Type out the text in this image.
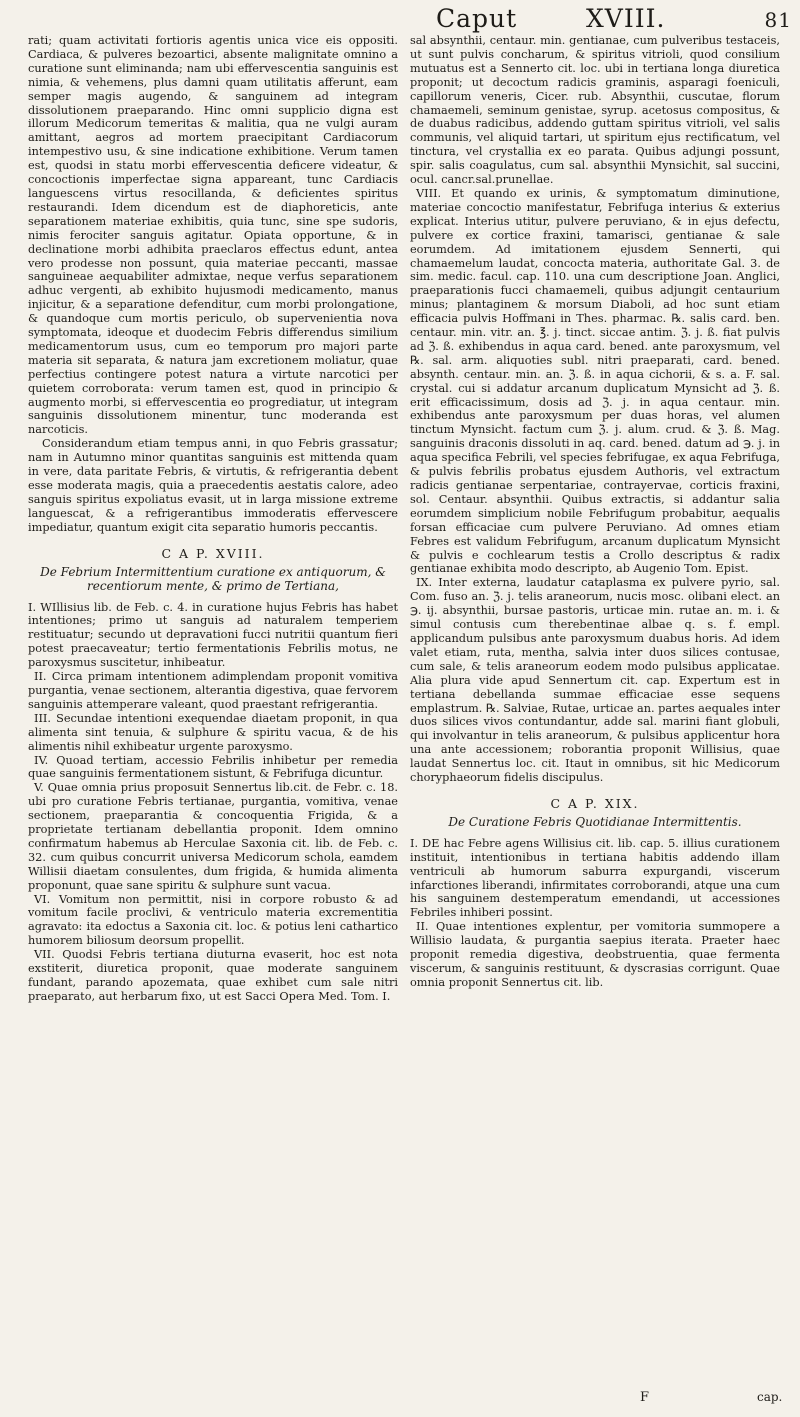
Caput	XVIII.	81

rati; quam activitati fortioris agentis unica vice eis oppositi. Cardiaca, & pulveres bezoartici, absente malignitate omnino a curatione sunt eliminanda; nam ubi effervescentia sanguinis est nimia, & vehemens, plus damni quam utilitatis afferunt, eam semper magis augendo, & sanguinem ad integram dissolutionem praeparando. Hinc omni supplicio digna est illorum Medicorum temeritas & malitia, qua ne vulgi auram amittant, aegros ad mortem praecipitant Cardiacorum intempestivo usu, & sine indicatione exhibitione. Verum tamen est, quodsi in statu morbi effervescentia deficere videatur, & concoctionis imperfectae signa appareant, tunc Cardiacis languescens virtus resocillanda, & deficientes spiritus restaurandi. Idem dicendum est de diaphoreticis, ante separationem materiae exhibitis, quia tunc, sine spe sudoris, nimis ferociter sanguis agitatur. Opiata opportune, & in declinatione morbi adhibita praeclaros effectus edunt, antea vero prodesse non possunt, quia materiae peccanti, massae sanguineae aequabiliter admixtae, neque verfus separationem adhuc vergenti, ab exhibito hujusmodi medicamento, manus injicitur, & a separatione defenditur, cum morbi prolongatione, & quandoque cum mortis periculo, ob supervenientia nova symptomata, ideoque et duodecim Febris differendus similium medicamentorum usus, cum eo temporum pro majori parte materia sit separata, & natura jam excretionem moliatur, quae perfectius contingere potest natura a virtute narcotici per quietem corroborata: verum tamen est, quod in principio & augmento morbi, si effervescentia eo progrediatur, ut integram sanguinis dissolutionem minentur, tunc moderanda est narcoticis.

Considerandum etiam tempus anni, in quo Febris grassatur; nam in Autumno minor quantitas sanguinis est mittenda quam in vere, data paritate Febris, & virtutis, & refrigerantia debent esse moderata magis, quia a praecedentis aestatis calore, adeo sanguis spiritus expoliatus evasit, ut in larga missione extreme languescat, & a refrigerantibus immoderatis effervescere impediatur, quantum exigit cita separatio humoris peccantis.

C A P. XVIII.
De Febrium Intermittentium curatione ex antiquorum, & recentiorum mente, & primo de Tertiana,

I. WIllisius lib. de Feb. c. 4. in curatione hujus Febris has habet intentiones; primo ut sanguis ad naturalem temperiem restituatur; secundo ut depravationi fucci nutritii quantum fieri potest praecaveatur; tertio fermentationis Febrilis motus, ne paroxysmus suscitetur, inhibeatur.

II. Circa primam intentionem adimplendam proponit vomitiva purgantia, venae sectionem, alterantia digestiva, quae fervorem sanguinis attemperare valeant, quod praestant refrigerantia.

III. Secundae intentioni exequendae diaetam proponit, in qua alimenta sint tenuia, & sulphure & spiritu vacua, & de his alimentis nihil exhibeatur urgente paroxysmo.

IV. Quoad tertiam, accessio Febrilis inhibetur per remedia quae sanguinis fermentationem sistunt, & Febrifuga dicuntur.

V. Quae omnia prius proposuit Sennertus lib.cit. de Febr. c. 18. ubi pro curatione Febris tertianae, purgantia, vomitiva, venae sectionem, praeparantia & concoquentia Frigida, & a proprietate tertianam debellantia proponit. Idem omnino confirmatum habemus ab Herculae Saxonia cit. lib. de Feb. c. 32. cum quibus concurrit universa Medicorum schola, eamdem Willisii diaetam consulentes, dum frigida, & humida alimenta proponunt, quae sane spiritu & sulphure sunt vacua.

VI. Vomitum non permittit, nisi in corpore robusto & ad vomitum facile proclivi, & ventriculo materia excrementitia agravato: ita edoctus a Saxonia cit. loc. & potius leni cathartico humorem biliosum deorsum propellit.

VII. Quodsi Febris tertiana diuturna evaserit, hoc est nota exstiterit, diuretica proponit, quae moderate sanguinem fundant, parando apozemata, quae exhibet cum sale nitri praeparato, aut herbarum fixo, ut est Sacci Opera Med. Tom. I.

sal absynthii, centaur. min. gentianae, cum pulveribus testaceis, ut sunt pulvis concharum, & spiritus vitrioli, quod consilium mutuatus est a Sennerto cit. loc. ubi in tertiana longa diuretica proponit; ut decoctum radicis graminis, asparagi foeniculi, capillorum veneris, Cicer. rub. Absynthii, cuscutae, florum chamaemeli, seminum genistae, syrup. acetosus compositus, & de duabus radicibus, addendo guttam spiritus vitrioli, vel salis communis, vel aliquid tartari, ut spiritum ejus rectificatum, vel tinctura, vel crystallia ex eo parata. Quibus adjungi possunt, spir. salis coagulatus, cum sal. absynthii Mynsichit, sal succini, ocul. cancr.sal.prunellae.

VIII. Et quando ex urinis, & symptomatum diminutione, materiae concoctio manifestatur, Febrifuga interius & exterius explicat. Interius utitur, pulvere peruviano, & in ejus defectu, pulvere ex cortice fraxini, tamarisci, gentianae & sale eorumdem. Ad imitationem ejusdem Sennerti, qui chamaemelum laudat, concocta materia, authoritate Gal. 3. de sim. medic. facul. cap. 110. una cum descriptione Joan. Anglici, praeparationis fucci chamaemeli, quibus adjungit centaurium minus; plantaginem & morsum Diaboli, ad hoc sunt etiam efficacia pulvis Hoffmani in Thes. pharmac. ℞. salis card. ben. centaur. min. vitr. an. ℥. j. tinct. siccae antim. ℨ. j. ß. fiat pulvis ad ℨ. ß. exhibendus in aqua card. bened. ante paroxysmum, vel ℞. sal. arm. aliquoties subl. nitri praeparati, card. bened. absynth. centaur. min. an. ℨ. ß. in aqua cichorii, & s. a. F. sal. crystal. cui si addatur arcanum duplicatum Mynsicht ad ℨ. ß. erit efficacissimum, dosis ad ℨ. j. in aqua centaur. min. exhibendus ante paroxysmum per duas horas, vel alumen tinctum Mynsicht. factum cum ℨ. j. alum. crud. & ℨ. ß. Mag. sanguinis draconis dissoluti in aq. card. bened. datum ad ℈. j. in aqua specifica Febrili, vel species febrifugae, ex aqua Febrifuga, & pulvis febrilis probatus ejusdem Authoris, vel extractum radicis gentianae serpentariae, contrayervae, corticis fraxini, sol. Centaur. absynthii. Quibus extractis, si addantur salia eorumdem simplicium nobile Febrifugum probabitur, aequalis forsan efficaciae cum pulvere Peruviano. Ad omnes etiam Febres est validum Febrifugum, arcanum duplicatum Mynsicht & pulvis e cochlearum testis a Crollo descriptus & radix gentianae exhibita modo descripto, ab Augenio Tom. Epist.

IX. Inter externa, laudatur cataplasma ex pulvere pyrio, sal. Com. fuso an. ℨ. j. telis araneorum, nucis mosc. olibani elect. an ℈. ij. absynthii, bursae pastoris, urticae min. rutae an. m. i. & simul contusis cum therebentinae albae q. s. f. empl. applicandum pulsibus ante paroxysmum duabus horis. Ad idem valet etiam, ruta, mentha, salvia inter duos silices contusae, cum sale, & telis araneorum eodem modo pulsibus applicatae. Alia plura vide apud Sennertum cit. cap. Expertum est in tertiana debellanda summae efficaciae esse sequens emplastrum. ℞. Salviae, Rutae, urticae an. partes aequales inter duos silices vivos contundantur, adde sal. marini fiant globuli, qui involvantur in telis araneorum, & pulsibus applicentur hora una ante accessionem; roborantia proponit Willisius, quae laudat Sennertus loc. cit. Itaut in omnibus, sit hic Medicorum choryphaeorum fidelis discipulus.

C A P. XIX.
De Curatione Febris Quotidianae Intermittentis.

I. DE hac Febre agens Willisius cit. lib. cap. 5. illius curationem instituit, intentionibus in tertiana habitis addendo illam ventriculi ab humorum saburra expurgandi, viscerum infarctiones liberandi, infirmitates corroborandi, atque una cum his sanguinem destemperatum emendandi, ut accessiones Febriles inhiberi possint.

II. Quae intentiones explentur, per vomitoria summopere a Willisio laudata, & purgantia saepius iterata. Praeter haec proponit remedia digestiva, deobstruentia, quae fermenta viscerum, & sanguinis restituunt, & dyscrasias corrigunt. Quae omnia proponit Sennertus cit. lib.

F	cap.
